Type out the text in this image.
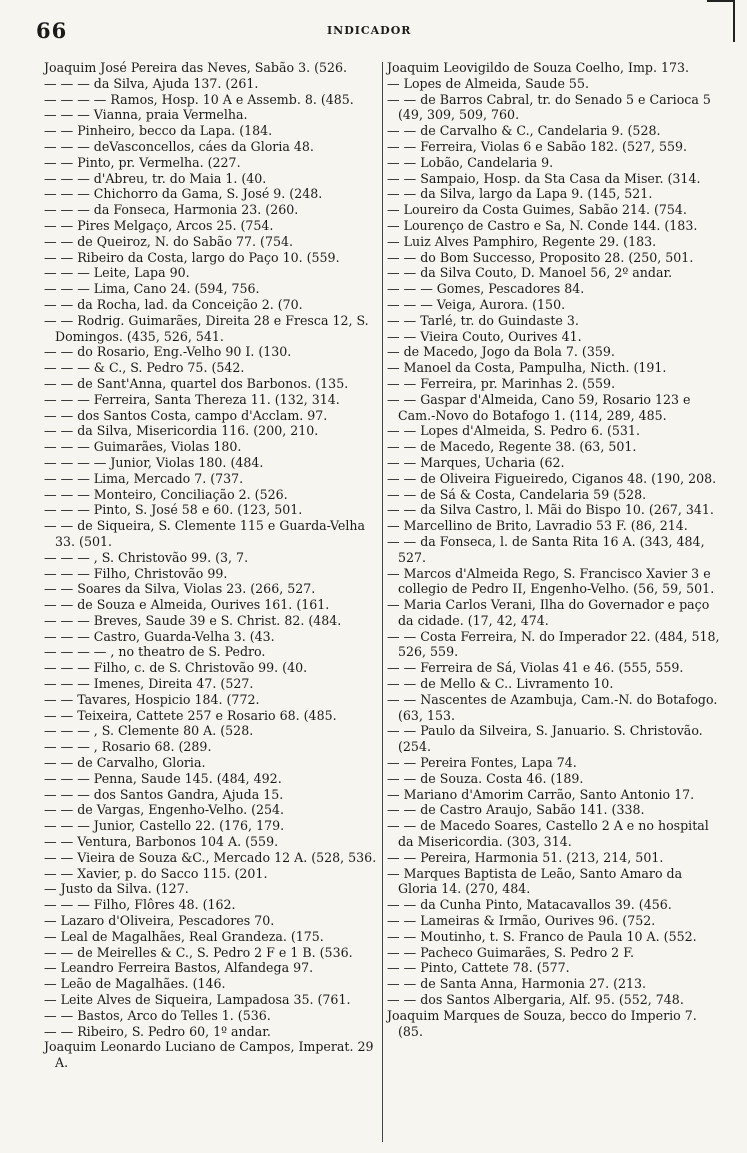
66	INDICADOR
Joaquim José Pereira das Neves, Sabão 3. (526.
— — — da Silva, Ajuda 137. (261.
— — — — Ramos, Hosp. 10 A e Assemb. 8. (485.
— — — Vianna, praia Vermelha.
— — Pinheiro, becco da Lapa. (184.
— — — deVasconcellos, cáes da Gloria 48.
— — Pinto, pr. Vermelha. (227.
— — — d'Abreu, tr. do Maia 1. (40.
— — — Chichorro da Gama, S. José 9. (248.
— — — da Fonseca, Harmonia 23. (260.
— — Pires Melgaço, Arcos 25. (754.
— — de Queiroz, N. do Sabão 77. (754.
— — Ribeiro da Costa, largo do Paço 10. (559.
— — — Leite, Lapa 90.
— — — Lima, Cano 24. (594, 756.
— — da Rocha, lad. da Conceição 2. (70.
— — Rodrig. Guimarães, Direita 28 e Fresca 12, S. Domingos. (435, 526, 541.
— — do Rosario, Eng.-Velho 90 I. (130.
— — — & C., S. Pedro 75. (542.
— — de Sant'Anna, quartel dos Barbonos. (135.
— — — Ferreira, Santa Thereza 11. (132, 314.
— — dos Santos Costa, campo d'Acclam. 97.
— — da Silva, Misericordia 116. (200, 210.
— — — Guimarães, Violas 180.
— — — — Junior, Violas 180. (484.
— — — Lima, Mercado 7. (737.
— — — Monteiro, Conciliação 2. (526.
— — — Pinto, S. José 58 e 60. (123, 501.
— — de Siqueira, S. Clemente 115 e Guarda-Velha 33. (501.
— — — , S. Christovão 99. (3, 7.
— — — Filho, Christovão 99.
— — Soares da Silva, Violas 23. (266, 527.
— — de Souza e Almeida, Ourives 161. (161.
— — — Breves, Saude 39 e S. Christ. 82. (484.
— — — Castro, Guarda-Velha 3. (43.
— — — — , no theatro de S. Pedro.
— — — Filho, c. de S. Christovão 99. (40.
— — — Imenes, Direita 47. (527.
— — Tavares, Hospicio 184. (772.
— — Teixeira, Cattete 257 e Rosario 68. (485.
— — — , S. Clemente 80 A. (528.
— — — , Rosario 68. (289.
— — de Carvalho, Gloria.
— — — Penna, Saude 145. (484, 492.
— — — dos Santos Gandra, Ajuda 15.
— — de Vargas, Engenho-Velho. (254.
— — — Junior, Castello 22. (176, 179.
— — Ventura, Barbonos 104 A. (559.
— — Vieira de Souza &C., Mercado 12 A. (528, 536.
— — Xavier, p. do Sacco 115. (201.
— Justo da Silva. (127.
— — — Filho, Flôres 48. (162.
— Lazaro d'Oliveira, Pescadores 70.
— Leal de Magalhães, Real Grandeza. (175.
— — de Meirelles & C., S. Pedro 2 F e 1 B. (536.
— Leandro Ferreira Bastos, Alfandega 97.
— Leão de Magalhães. (146.
— Leite Alves de Siqueira, Lampadosa 35. (761.
— — Bastos, Arco do Telles 1. (536.
— — Ribeiro, S. Pedro 60, 1º andar.
Joaquim Leonardo Luciano de Campos, Imperat. 29 A.
Joaquim Leovigildo de Souza Coelho, Imp. 173.
— Lopes de Almeida, Saude 55.
— — de Barros Cabral, tr. do Senado 5 e Carioca 5 (49, 309, 509, 760.
— — de Carvalho & C., Candelaria 9. (528.
— — Ferreira, Violas 6 e Sabão 182. (527, 559.
— — Lobão, Candelaria 9.
— — Sampaio, Hosp. da Sta Casa da Miser. (314.
— — da Silva, largo da Lapa 9. (145, 521.
— Loureiro da Costa Guimes, Sabão 214. (754.
— Lourenço de Castro e Sa, N. Conde 144. (183.
— Luiz Alves Pamphiro, Regente 29. (183.
— — do Bom Successo, Proposito 28. (250, 501.
— — da Silva Couto, D. Manoel 56, 2º andar.
— — — Gomes, Pescadores 84.
— — — Veiga, Aurora. (150.
— — Tarlé, tr. do Guindaste 3.
— — Vieira Couto, Ourives 41.
— de Macedo, Jogo da Bola 7. (359.
— Manoel da Costa, Pampulha, Nicth. (191.
— — Ferreira, pr. Marinhas 2. (559.
— — Gaspar d'Almeida, Cano 59, Rosario 123 e Cam.-Novo do Botafogo 1. (114, 289, 485.
— — Lopes d'Almeida, S. Pedro 6. (531.
— — de Macedo, Regente 38. (63, 501.
— — Marques, Ucharia (62.
— — de Oliveira Figueiredo, Ciganos 48. (190, 208.
— — de Sá & Costa, Candelaria 59 (528.
— — da Silva Castro, l. Mãi do Bispo 10. (267, 341.
— Marcellino de Brito, Lavradio 53 F. (86, 214.
— — da Fonseca, l. de Santa Rita 16 A. (343, 484, 527.
— Marcos d'Almeida Rego, S. Francisco Xavier 3 e collegio de Pedro II, Engenho-Velho. (56, 59, 501.
— Maria Carlos Verani, Ilha do Governador e paço da cidade. (17, 42, 474.
— — Costa Ferreira, N. do Imperador 22. (484, 518, 526, 559.
— — Ferreira de Sá, Violas 41 e 46. (555, 559.
— — de Mello & C.. Livramento 10.
— — Nascentes de Azambuja, Cam.-N. do Botafogo. (63, 153.
— — Paulo da Silveira, S. Januario. S. Christovão. (254.
— — Pereira Fontes, Lapa 74.
— — de Souza. Costa 46. (189.
— Mariano d'Amorim Carrão, Santo Antonio 17.
— — de Castro Araujo, Sabão 141. (338.
— — de Macedo Soares, Castello 2 A e no hospital da Misericordia. (303, 314.
— — Pereira, Harmonia 51. (213, 214, 501.
— Marques Baptista de Leão, Santo Amaro da Gloria 14. (270, 484.
— — da Cunha Pinto, Matacavallos 39. (456.
— — Lameiras & Irmão, Ourives 96. (752.
— — Moutinho, t. S. Franco de Paula 10 A. (552.
— — Pacheco Guimarães, S. Pedro 2 F.
— — Pinto, Cattete 78. (577.
— — de Santa Anna, Harmonia 27. (213.
— — dos Santos Albergaria, Alf. 95. (552, 748.
Joaquim Marques de Souza, becco do Imperio 7. (85.
